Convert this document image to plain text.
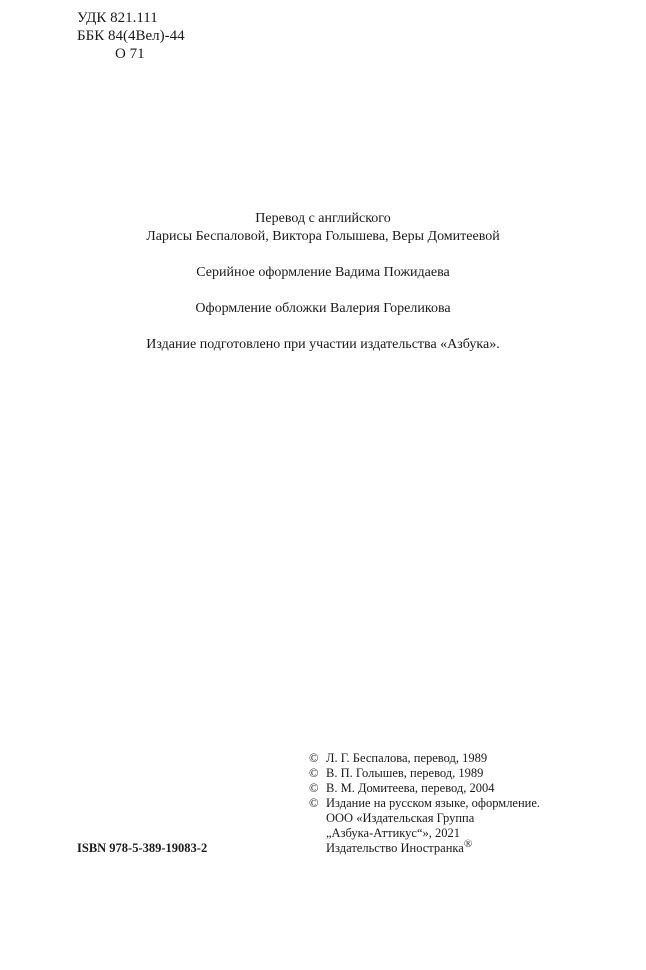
УДК 821.111
ББК 84(4Вел)-44
О 71
Перевод с английского
Ларисы Беспаловой, Виктора Голышева, Веры Домитеевой
Серийное оформление Вадима Пожидаева
Оформление обложки Валерия Гореликова
Издание подготовлено при участии издательства «Азбука».
© Л. Г. Беспалова, перевод, 1989
© В. П. Голышев, перевод, 1989
© В. М. Домитеева, перевод, 2004
© Издание на русском языке, оформление.
ООО «Издательская Группа
„Азбука-Аттикус“», 2021
Издательство Иностранка®
ISBN 978-5-389-19083-2
